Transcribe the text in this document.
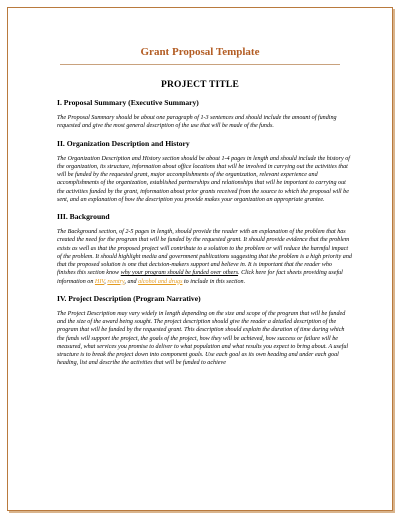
Grant Proposal Template
PROJECT TITLE
I. Proposal Summary (Executive Summary)

The Proposal Summary should be about one paragraph of 1-3 sentences and should include the amount of funding requested and give the most general description of the use that will be made of the funds.

II. Organization Description and History

The Organization Description and History section should be about 1-4 pages in length and should include the history of the organization, its structure, information about office locations that will be involved in carrying out the activities that will be funded by the requested grant, major accomplishments of the organization, relevant experience and accomplishments of the organization, established partnerships and relationships that will be important to carrying out the activities funded by the grant, information about prior grants received from the source to which the proposal will be sent, and an explanation of how the description you provide makes your organization an appropriate grantee.

III. Background

The Background section, of 2-5 pages in length, should provide the reader with an explanation of the problem that has created the need for the program that will be funded by the requested grant. It should provide evidence that the problem exists as well as that the proposed project will contribute to a solution to the problem or will reduce the harmful impact of the problem. It should highlight media and government publications suggesting that the problem is a high priority and that the proposed solution is one that decision-makers support and believe in. It is important that the reader who finishes this section know why your program should be funded over others. Click here for fact sheets providing useful information on HIV, reentry, and alcohol and drugs to include in this section.

IV. Project Description (Program Narrative)

The Project Description may vary widely in length depending on the size and scope of the program that will be funded and the size of the award being sought. The project description should give the reader a detailed description of the program that will be funded by the requested grant. This description should explain the duration of time during which the funds will support the project, the goals of the project, how they will be achieved, how success or failure will be measured, what services you promise to deliver to what population and what results you expect to bring about. A useful structure is to break the project down into component goals. Use each goal as its own heading and under each goal heading, list and describe the activities that will be funded to achieve
